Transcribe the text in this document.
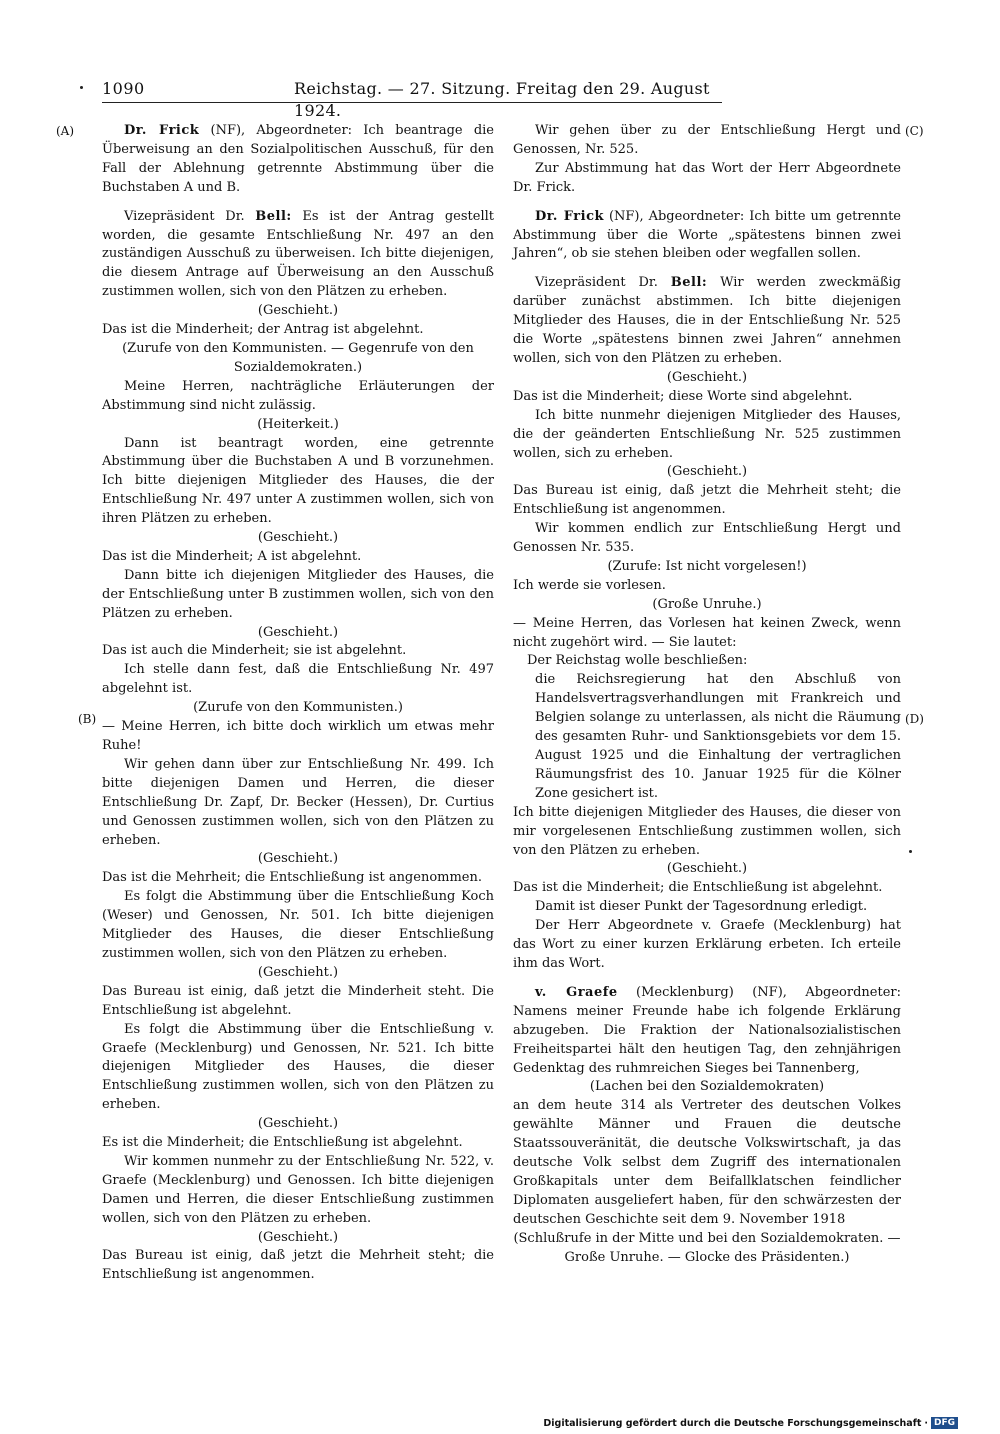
1090	Reichstag. — 27. Sitzung. Freitag den 29. August 1924.
(A)
(B)
(C)
(D)

Dr. Frick (NF), Abgeordneter: Ich beantrage die Überweisung an den Sozialpolitischen Ausschuß, für den Fall der Ablehnung getrennte Abstimmung über die Buchstaben A und B.

Vizepräsident Dr. Bell: Es ist der Antrag gestellt worden, die gesamte Entschließung Nr. 497 an den zuständigen Ausschuß zu überweisen. Ich bitte diejenigen, die diesem Antrage auf Überweisung an den Ausschuß zustimmen wollen, sich von den Plätzen zu erheben.

(Geschieht.)

Das ist die Minderheit; der Antrag ist abgelehnt.

(Zurufe von den Kommunisten. — Gegenrufe von den Sozialdemokraten.)

Meine Herren, nachträgliche Erläuterungen der Abstimmung sind nicht zulässig.

(Heiterkeit.)

Dann ist beantragt worden, eine getrennte Abstimmung über die Buchstaben A und B vorzunehmen. Ich bitte diejenigen Mitglieder des Hauses, die der Entschließung Nr. 497 unter A zustimmen wollen, sich von ihren Plätzen zu erheben.

(Geschieht.)

Das ist die Minderheit; A ist abgelehnt.

Dann bitte ich diejenigen Mitglieder des Hauses, die der Entschließung unter B zustimmen wollen, sich von den Plätzen zu erheben.

(Geschieht.)

Das ist auch die Minderheit; sie ist abgelehnt.

Ich stelle dann fest, daß die Entschließung Nr. 497 abgelehnt ist.

(Zurufe von den Kommunisten.)

— Meine Herren, ich bitte doch wirklich um etwas mehr Ruhe!

Wir gehen dann über zur Entschließung Nr. 499. Ich bitte diejenigen Damen und Herren, die dieser Entschließung Dr. Zapf, Dr. Becker (Hessen), Dr. Curtius und Genossen zustimmen wollen, sich von den Plätzen zu erheben.

(Geschieht.)

Das ist die Mehrheit; die Entschließung ist angenommen.

Es folgt die Abstimmung über die Entschließung Koch (Weser) und Genossen, Nr. 501. Ich bitte diejenigen Mitglieder des Hauses, die dieser Entschließung zustimmen wollen, sich von den Plätzen zu erheben.

(Geschieht.)

Das Bureau ist einig, daß jetzt die Minderheit steht. Die Entschließung ist abgelehnt.

Es folgt die Abstimmung über die Entschließung v. Graefe (Mecklenburg) und Genossen, Nr. 521. Ich bitte diejenigen Mitglieder des Hauses, die dieser Entschließung zustimmen wollen, sich von den Plätzen zu erheben.

(Geschieht.)

Es ist die Minderheit; die Entschließung ist abgelehnt.

Wir kommen nunmehr zu der Entschließung Nr. 522, v. Graefe (Mecklenburg) und Genossen. Ich bitte diejenigen Damen und Herren, die dieser Entschließung zustimmen wollen, sich von den Plätzen zu erheben.

(Geschieht.)

Das Bureau ist einig, daß jetzt die Mehrheit steht; die Entschließung ist angenommen.

Wir gehen über zu der Entschließung Hergt und Genossen, Nr. 525.

Zur Abstimmung hat das Wort der Herr Abgeordnete Dr. Frick.

Dr. Frick (NF), Abgeordneter: Ich bitte um getrennte Abstimmung über die Worte „spätestens binnen zwei Jahren“, ob sie stehen bleiben oder wegfallen sollen.

Vizepräsident Dr. Bell: Wir werden zweckmäßig darüber zunächst abstimmen. Ich bitte diejenigen Mitglieder des Hauses, die in der Entschließung Nr. 525 die Worte „spätestens binnen zwei Jahren“ annehmen wollen, sich von den Plätzen zu erheben.

(Geschieht.)

Das ist die Minderheit; diese Worte sind abgelehnt.

Ich bitte nunmehr diejenigen Mitglieder des Hauses, die der geänderten Entschließung Nr. 525 zustimmen wollen, sich zu erheben.

(Geschieht.)

Das Bureau ist einig, daß jetzt die Mehrheit steht; die Entschließung ist angenommen.

Wir kommen endlich zur Entschließung Hergt und Genossen Nr. 535.

(Zurufe: Ist nicht vorgelesen!)

Ich werde sie vorlesen.

(Große Unruhe.)

— Meine Herren, das Vorlesen hat keinen Zweck, wenn nicht zugehört wird. — Sie lautet:

Der Reichstag wolle beschließen:

die Reichsregierung hat den Abschluß von Handelsvertragsverhandlungen mit Frankreich und Belgien solange zu unterlassen, als nicht die Räumung des gesamten Ruhr- und Sanktionsgebiets vor dem 15. August 1925 und die Einhaltung der vertraglichen Räumungsfrist des 10. Januar 1925 für die Kölner Zone gesichert ist.

Ich bitte diejenigen Mitglieder des Hauses, die dieser von mir vorgelesenen Entschließung zustimmen wollen, sich von den Plätzen zu erheben.

(Geschieht.)

Das ist die Minderheit; die Entschließung ist abgelehnt.

Damit ist dieser Punkt der Tagesordnung erledigt.

Der Herr Abgeordnete v. Graefe (Mecklenburg) hat das Wort zu einer kurzen Erklärung erbeten. Ich erteile ihm das Wort.

v. Graefe (Mecklenburg) (NF), Abgeordneter: Namens meiner Freunde habe ich folgende Erklärung abzugeben. Die Fraktion der Nationalsozialistischen Freiheitspartei hält den heutigen Tag, den zehnjährigen Gedenktag des ruhmreichen Sieges bei Tannenberg,

(Lachen bei den Sozialdemokraten)

an dem heute 314 als Vertreter des deutschen Volkes gewählte Männer und Frauen die deutsche Staatssouveränität, die deutsche Volkswirtschaft, ja das deutsche Volk selbst dem Zugriff des internationalen Großkapitals unter dem Beifallklatschen feindlicher Diplomaten ausgeliefert haben, für den schwärzesten der deutschen Geschichte seit dem 9. November 1918

(Schlußrufe in der Mitte und bei den Sozialdemokraten. — Große Unruhe. — Glocke des Präsidenten.)

Digitalisierung gefördert durch die Deutsche Forschungsgemeinschaft · DFG
